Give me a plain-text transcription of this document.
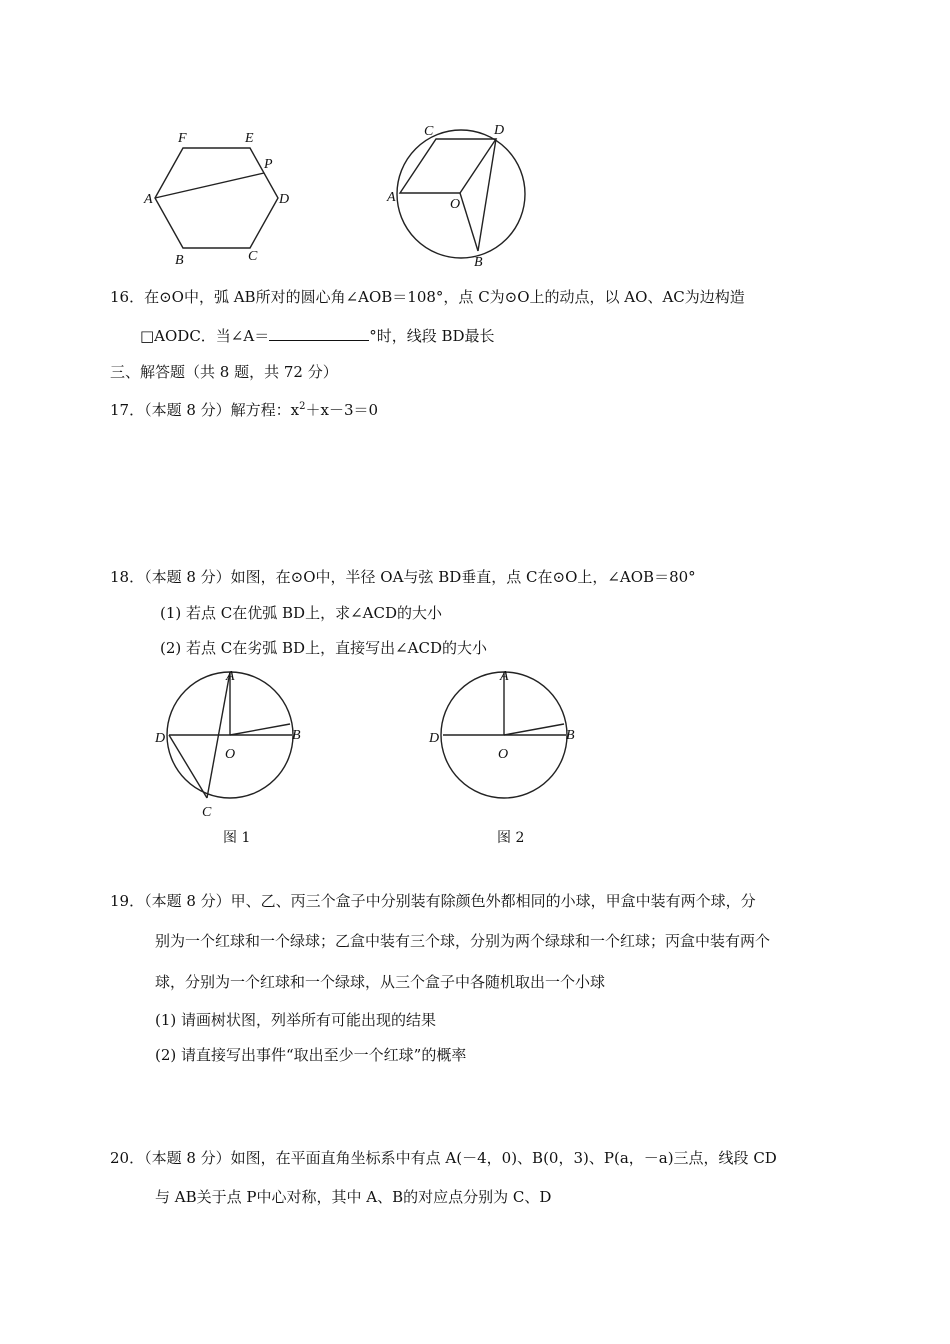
F	E
P
A	D
B	C
C	D
A	O
B
16．在⊙O中，弧 AB所对的圆心角∠AOB＝108°，点 C为⊙O上的动点，以 AO、AC为边构造
□AODC．当∠A＝	°时，线段 BD最长
三、解答题（共 8 题，共 72 分）
17．（本题 8 分）解方程：$x^2+x-3=0$
18．（本题 8 分）如图，在⊙O中，半径 OA与弦 BD垂直，点 C在⊙O上，∠AOB＝80°
(1) 若点 C在优弧 BD上，求∠ACD的大小
(2) 若点 C在劣弧 BD上，直接写出∠ACD的大小
A
D
O
B
C
图 1
A
D
O
B
图 2
19．（本题 8 分）甲、乙、丙三个盒子中分别装有除颜色外都相同的小球，甲盒中装有两个球，分
别为一个红球和一个绿球；乙盒中装有三个球，分别为两个绿球和一个红球；丙盒中装有两个
球，分别为一个红球和一个绿球，从三个盒子中各随机取出一个小球
(1) 请画树状图，列举所有可能出现的结果
(2) 请直接写出事件“取出至少一个红球”的概率
20．（本题 8 分）如图，在平面直角坐标系中有点 A(－4，0)、B(0，3)、P(a，－a)三点，线段 CD
与 AB关于点 P中心对称，其中 A、B的对应点分别为 C、D
